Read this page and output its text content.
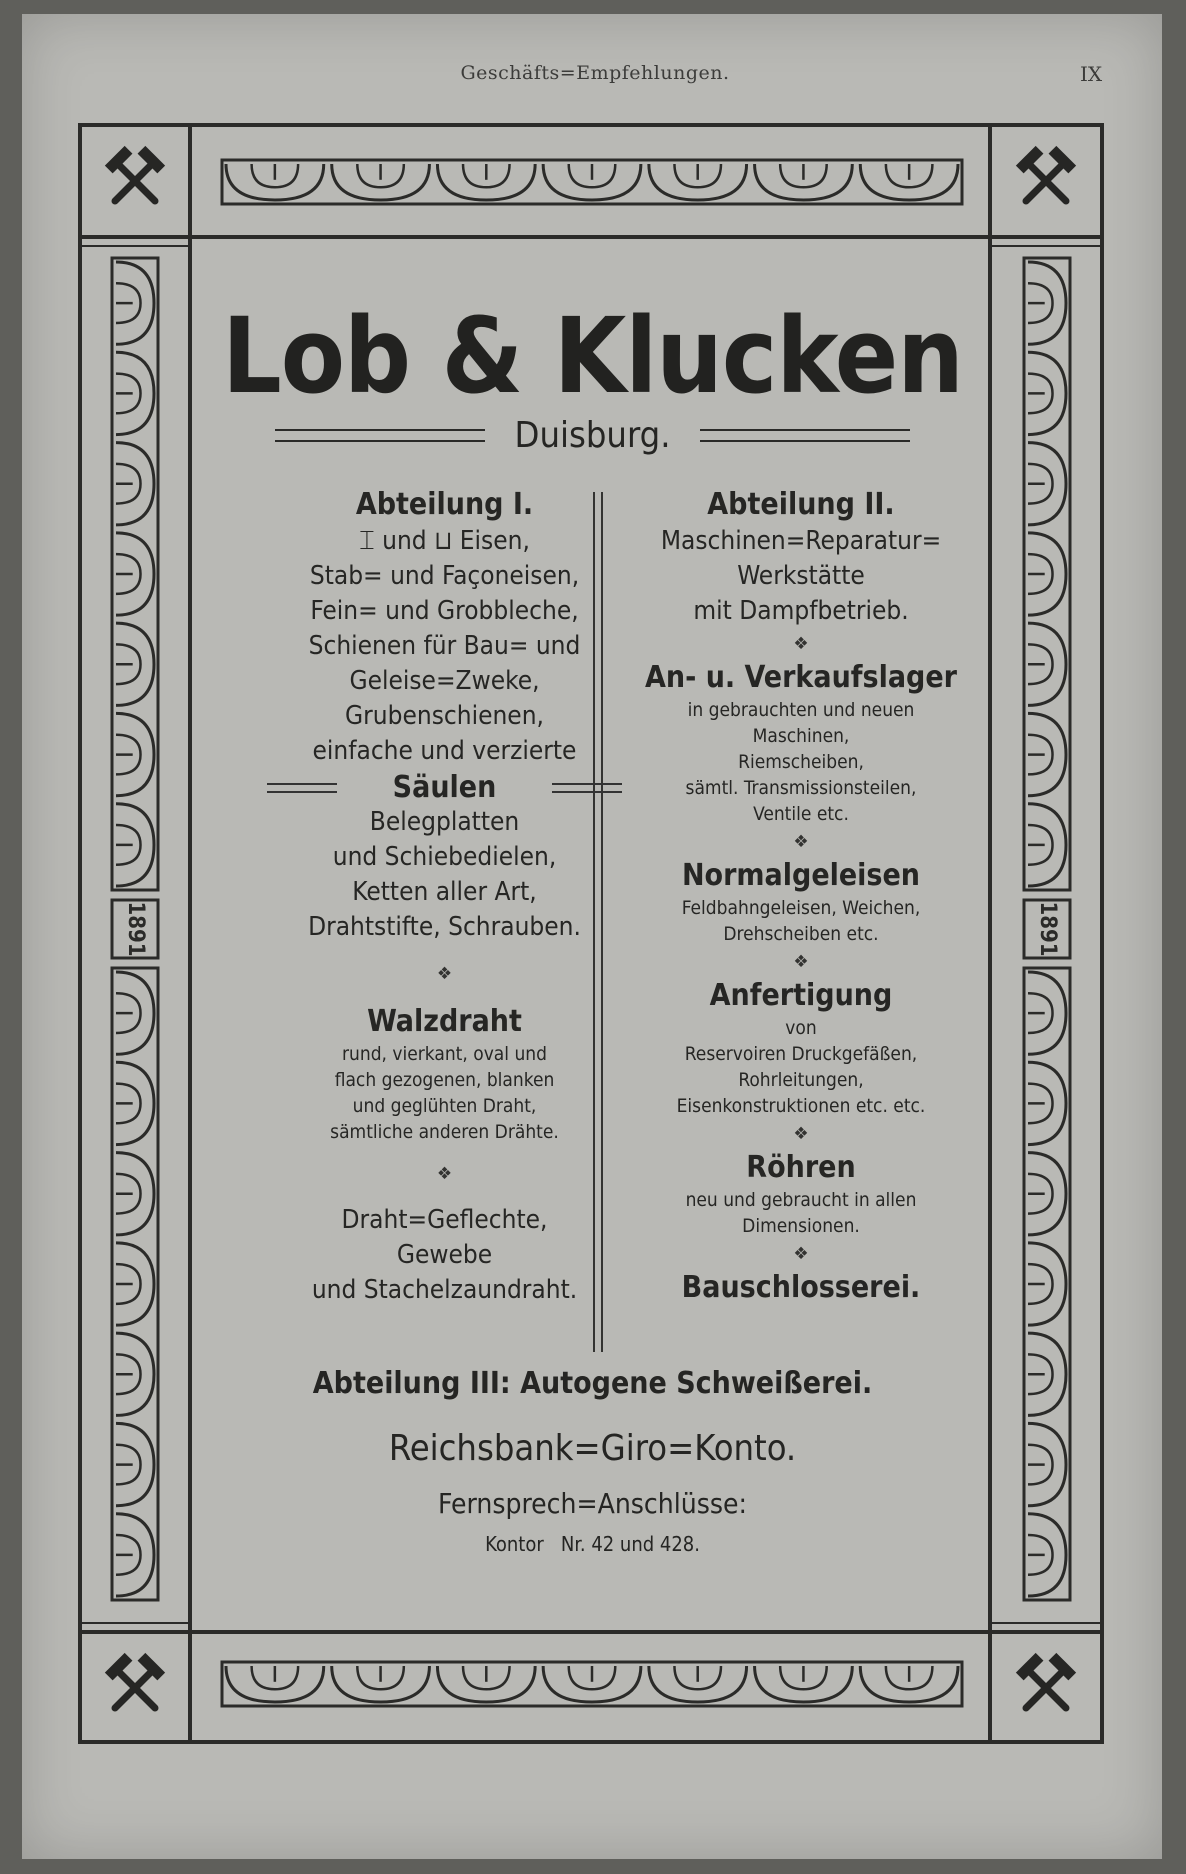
Geschäfts=Empfehlungen.	IX
1891	1891
Lob & Klucken
Duisburg.
Abteilung I.
⌶ und ⊔ Eisen,
Stab= und Façoneisen,
Fein= und Grobbleche,
Schienen für Bau= und
Geleise=Zweke,
Grubenschienen,
einfache und verzierte
Säulen
Belegplatten
und Schiebedielen,
Ketten aller Art,
Drahtstifte, Schrauben.
❖
Walzdraht
rund, vierkant, oval und
flach gezogenen, blanken
und geglühten Draht,
sämtliche anderen Drähte.
❖
Draht=Geflechte,
Gewebe
und Stachelzaundraht.
Abteilung II.
Maschinen=Reparatur=
Werkstätte
mit Dampfbetrieb.
❖
An- u. Verkaufslager
in gebrauchten und neuen
Maschinen,
Riemscheiben,
sämtl. Transmissionsteilen,
Ventile etc.
❖
Normalgeleisen
Feldbahngeleisen, Weichen,
Drehscheiben etc.
❖
Anfertigung
von
Reservoiren Druckgefäßen,
Rohrleitungen,
Eisenkonstruktionen etc. etc.
❖
Röhren
neu und gebraucht in allen
Dimensionen.
❖
Bauschlosserei.
Abteilung III: Autogene Schweißerei.
Reichsbank=Giro=Konto.
Fernsprech=Anschlüsse:
Kontor   Nr. 42 und 428.
